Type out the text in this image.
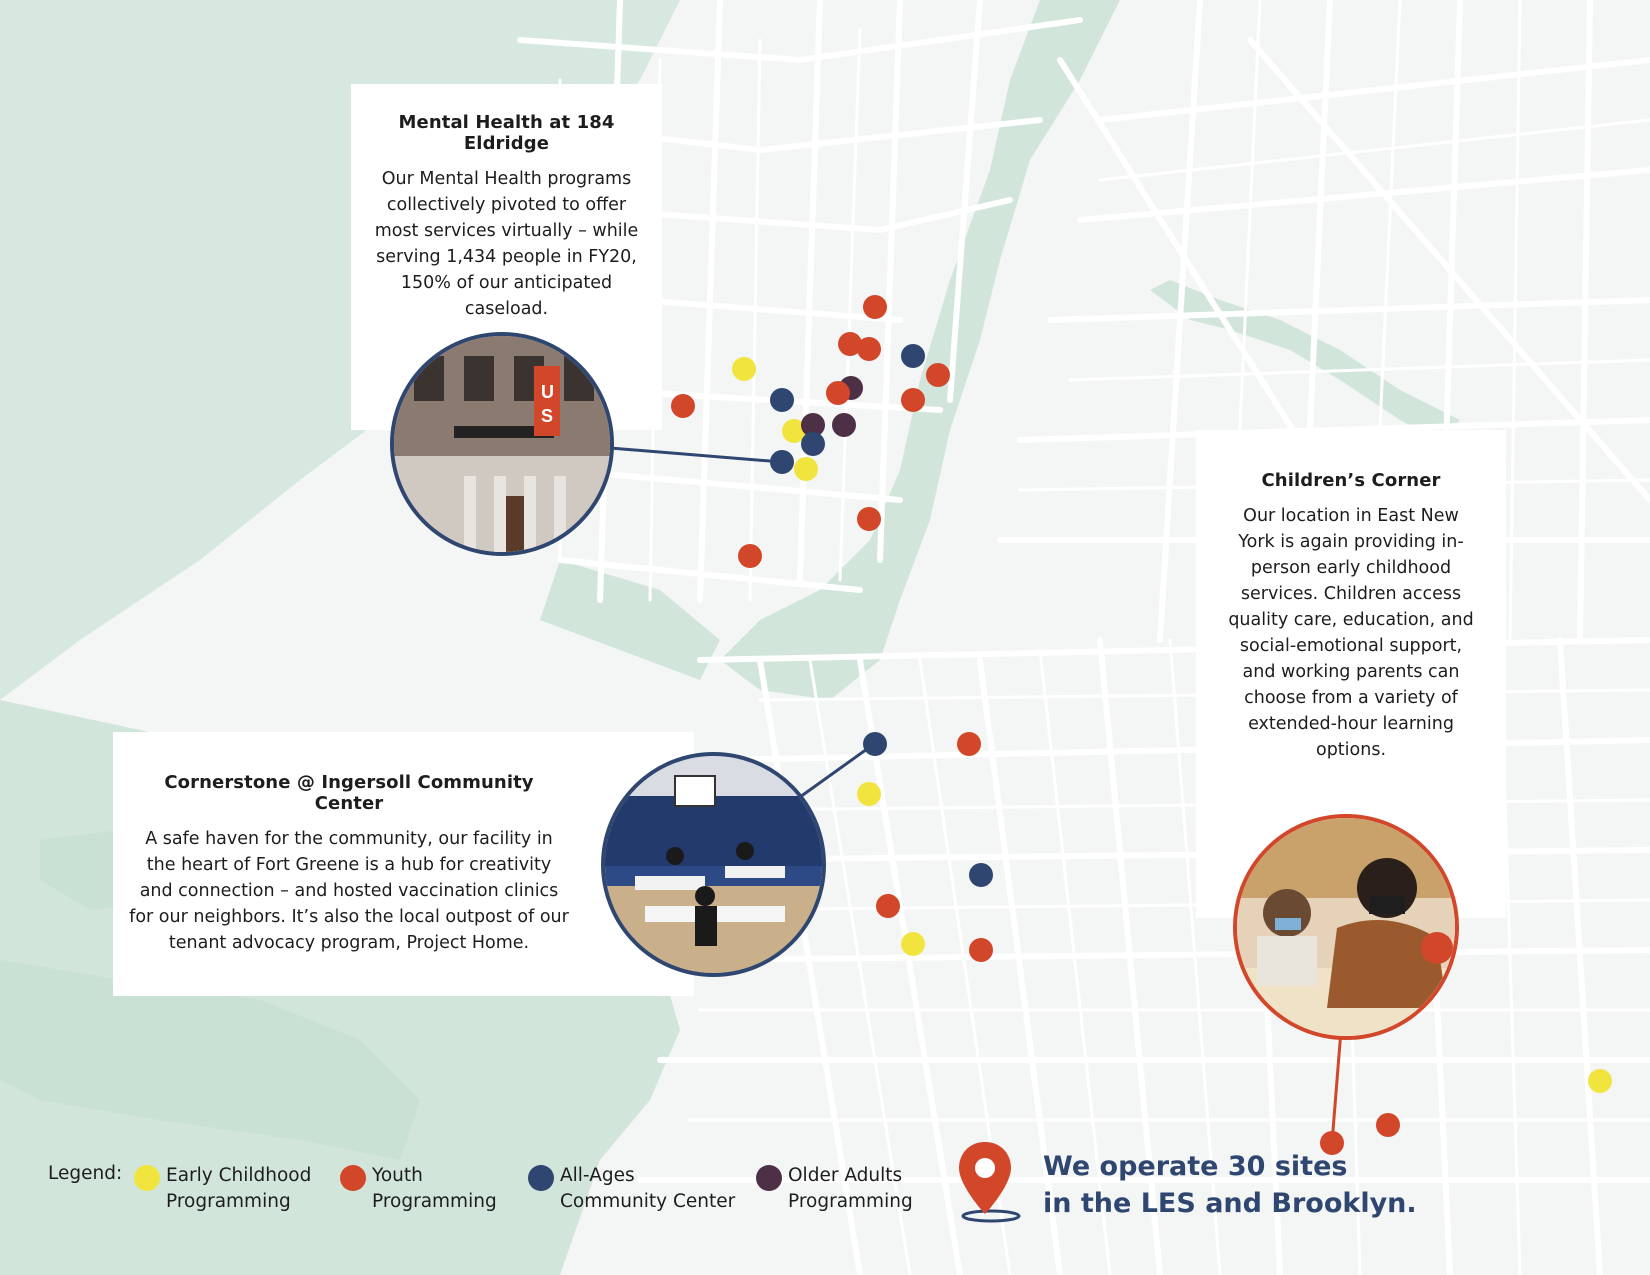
Mental Health at 184 Eldridge

Our Mental Health programs collectively pivoted to offer most services virtually – while serving 1,434 people in FY20, 150% of our anticipated caseload.

U
S
Children’s Corner

Our location in East New York is again providing in-person early childhood services. Children access quality care, education, and social-emotional support, and working parents can choose from a variety of extended-hour learning options.

Cornerstone @ Ingersoll Community Center

A safe haven for the community, our facility in the heart of Fort Greene is a hub for creativity and connection – and hosted vaccination clinics for our neighbors. It’s also the local outpost of our tenant advocacy program, Project Home.

Legend: Early Childhood
Programming
Youth
Programming
All-Ages
Community Center
Older Adults
Programming
We operate 30 sites
in the LES and Brooklyn.
